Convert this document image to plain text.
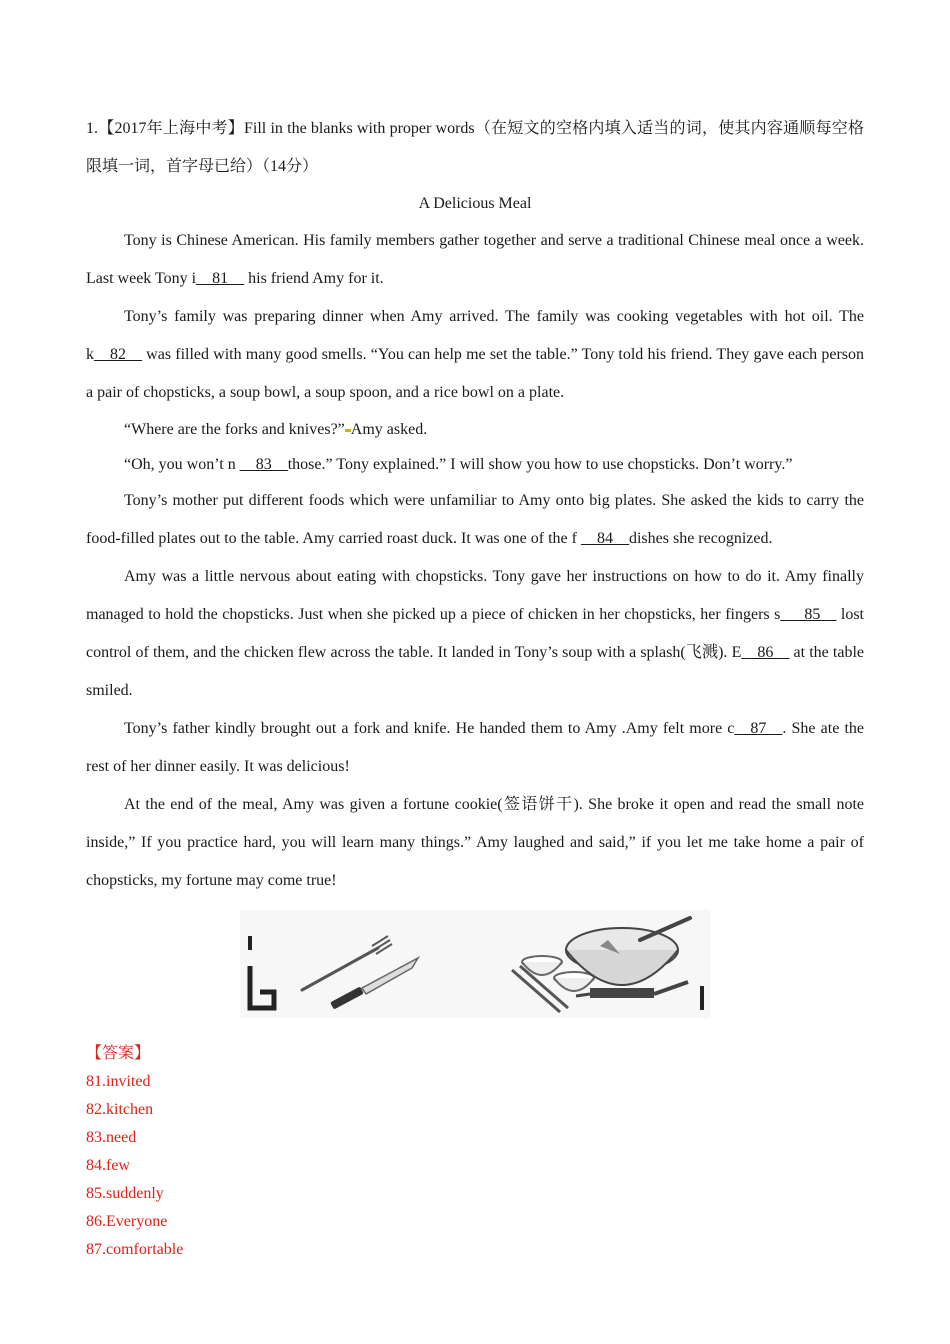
1.【2017年上海中考】Fill in the blanks with proper words（在短文的空格内填入适当的词，使其内容通顺每空格限填一词，首字母已给）（14分）

A Delicious Meal

Tony is Chinese American. His family members gather together and serve a traditional Chinese meal once a week. Last week Tony i__81__ his friend Amy for it.

Tony’s family was preparing dinner when Amy arrived. The family was cooking vegetables with hot oil. The k__82__ was filled with many good smells. “You can help me set the table.” Tony told his friend. They gave each person a pair of chopsticks, a soup bowl, a soup spoon, and a rice bowl on a plate.

“Where are the forks and knives?” Amy asked.

“Oh, you won’t n __83__those.” Tony explained.” I will show you how to use chopsticks. Don’t worry.”

Tony’s mother put different foods which were unfamiliar to Amy onto big plates. She asked the kids to carry the food-filled plates out to the table. Amy carried roast duck. It was one of the f __84__dishes she recognized.

Amy was a little nervous about eating with chopsticks. Tony gave her instructions on how to do it. Amy finally managed to hold the chopsticks. Just when she picked up a piece of chicken in her chopsticks, her fingers s___85__ lost control of them, and the chicken flew across the table. It landed in Tony’s soup with a splash(飞溅). E__86__ at the table smiled.

Tony’s father kindly brought out a fork and knife. He handed them to Amy .Amy felt more c__87__. She ate the rest of her dinner easily. It was delicious!

At the end of the meal, Amy was given a fortune cookie(签语饼干). She broke it open and read the small note inside,” If you practice hard, you will learn many things.” Amy laughed and said,” if you let me take home a pair of chopsticks, my fortune may come true!

【答案】
81.invited
82.kitchen
83.need
84.few
85.suddenly
86.Everyone
87.comfortable
